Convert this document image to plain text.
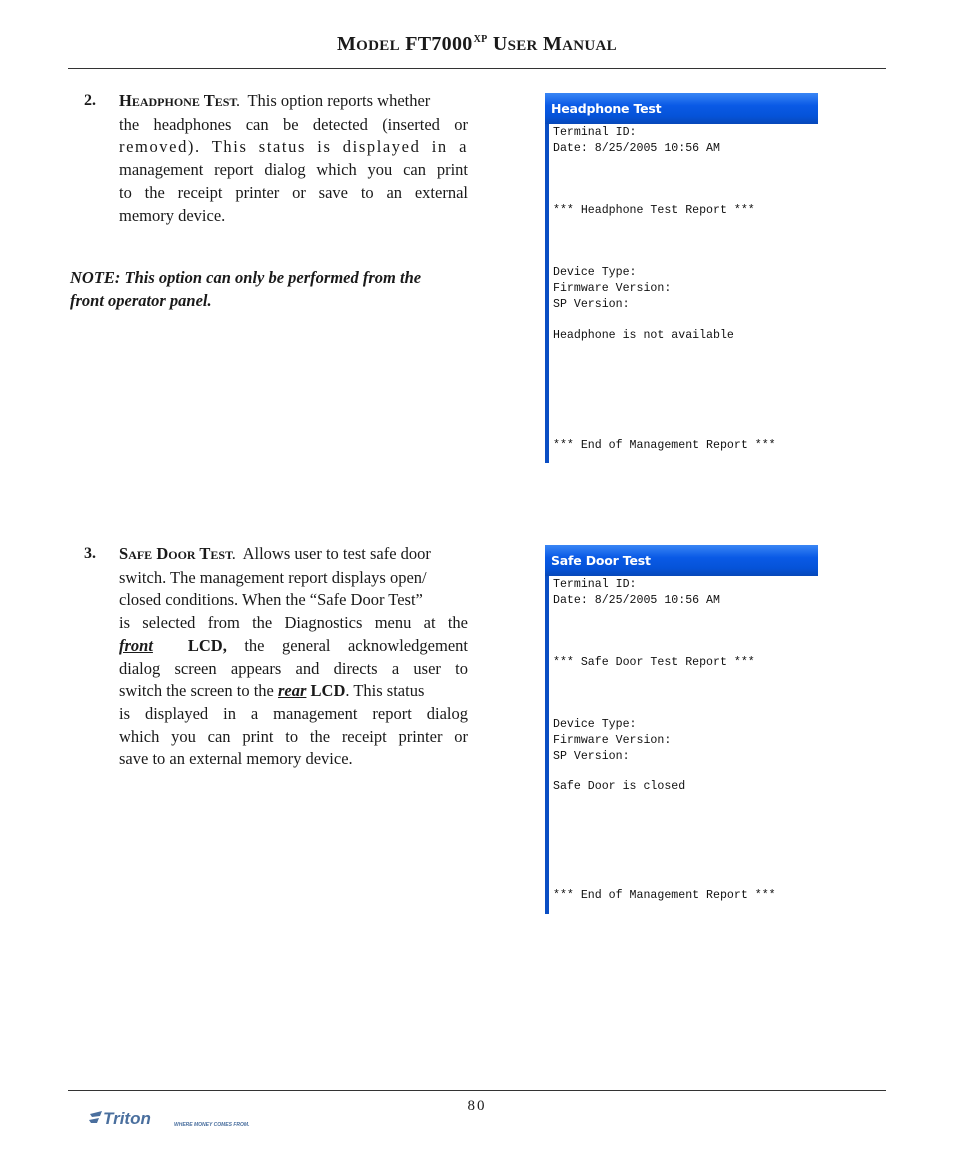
MODEL $FT7000^{XP}$ USER MANUAL
2. HEADPHONE TEST. This option reports whether
the headphones can be detected (inserted or
removed). This status is displayed in a
management report dialog which you can print
to the receipt printer or save to an external
memory device.
NOTE: This option can only be performed from the
front operator panel.
Headphone Test
Terminal ID:
Date: 8/25/2005 10:56 AM
*** Headphone Test Report ***
Device Type:
Firmware Version:
SP Version:
Headphone is not available
*** End of Management Report ***
3. SAFE DOOR TEST. Allows user to test safe door
switch. The management report displays open/
closed conditions. When the “Safe Door Test”
is selected from the Diagnostics menu at the
front LCD, the general acknowledgement
dialog screen appears and directs a user to
switch the screen to the rear LCD. This status
is displayed in a management report dialog
which you can print to the receipt printer or
save to an external memory device.
Safe Door Test
Terminal ID:
Date: 8/25/2005 10:56 AM
*** Safe Door Test Report ***
Device Type:
Firmware Version:
SP Version:
Safe Door is closed
*** End of Management Report ***
80
Triton	WHERE MONEY COMES FROM.
